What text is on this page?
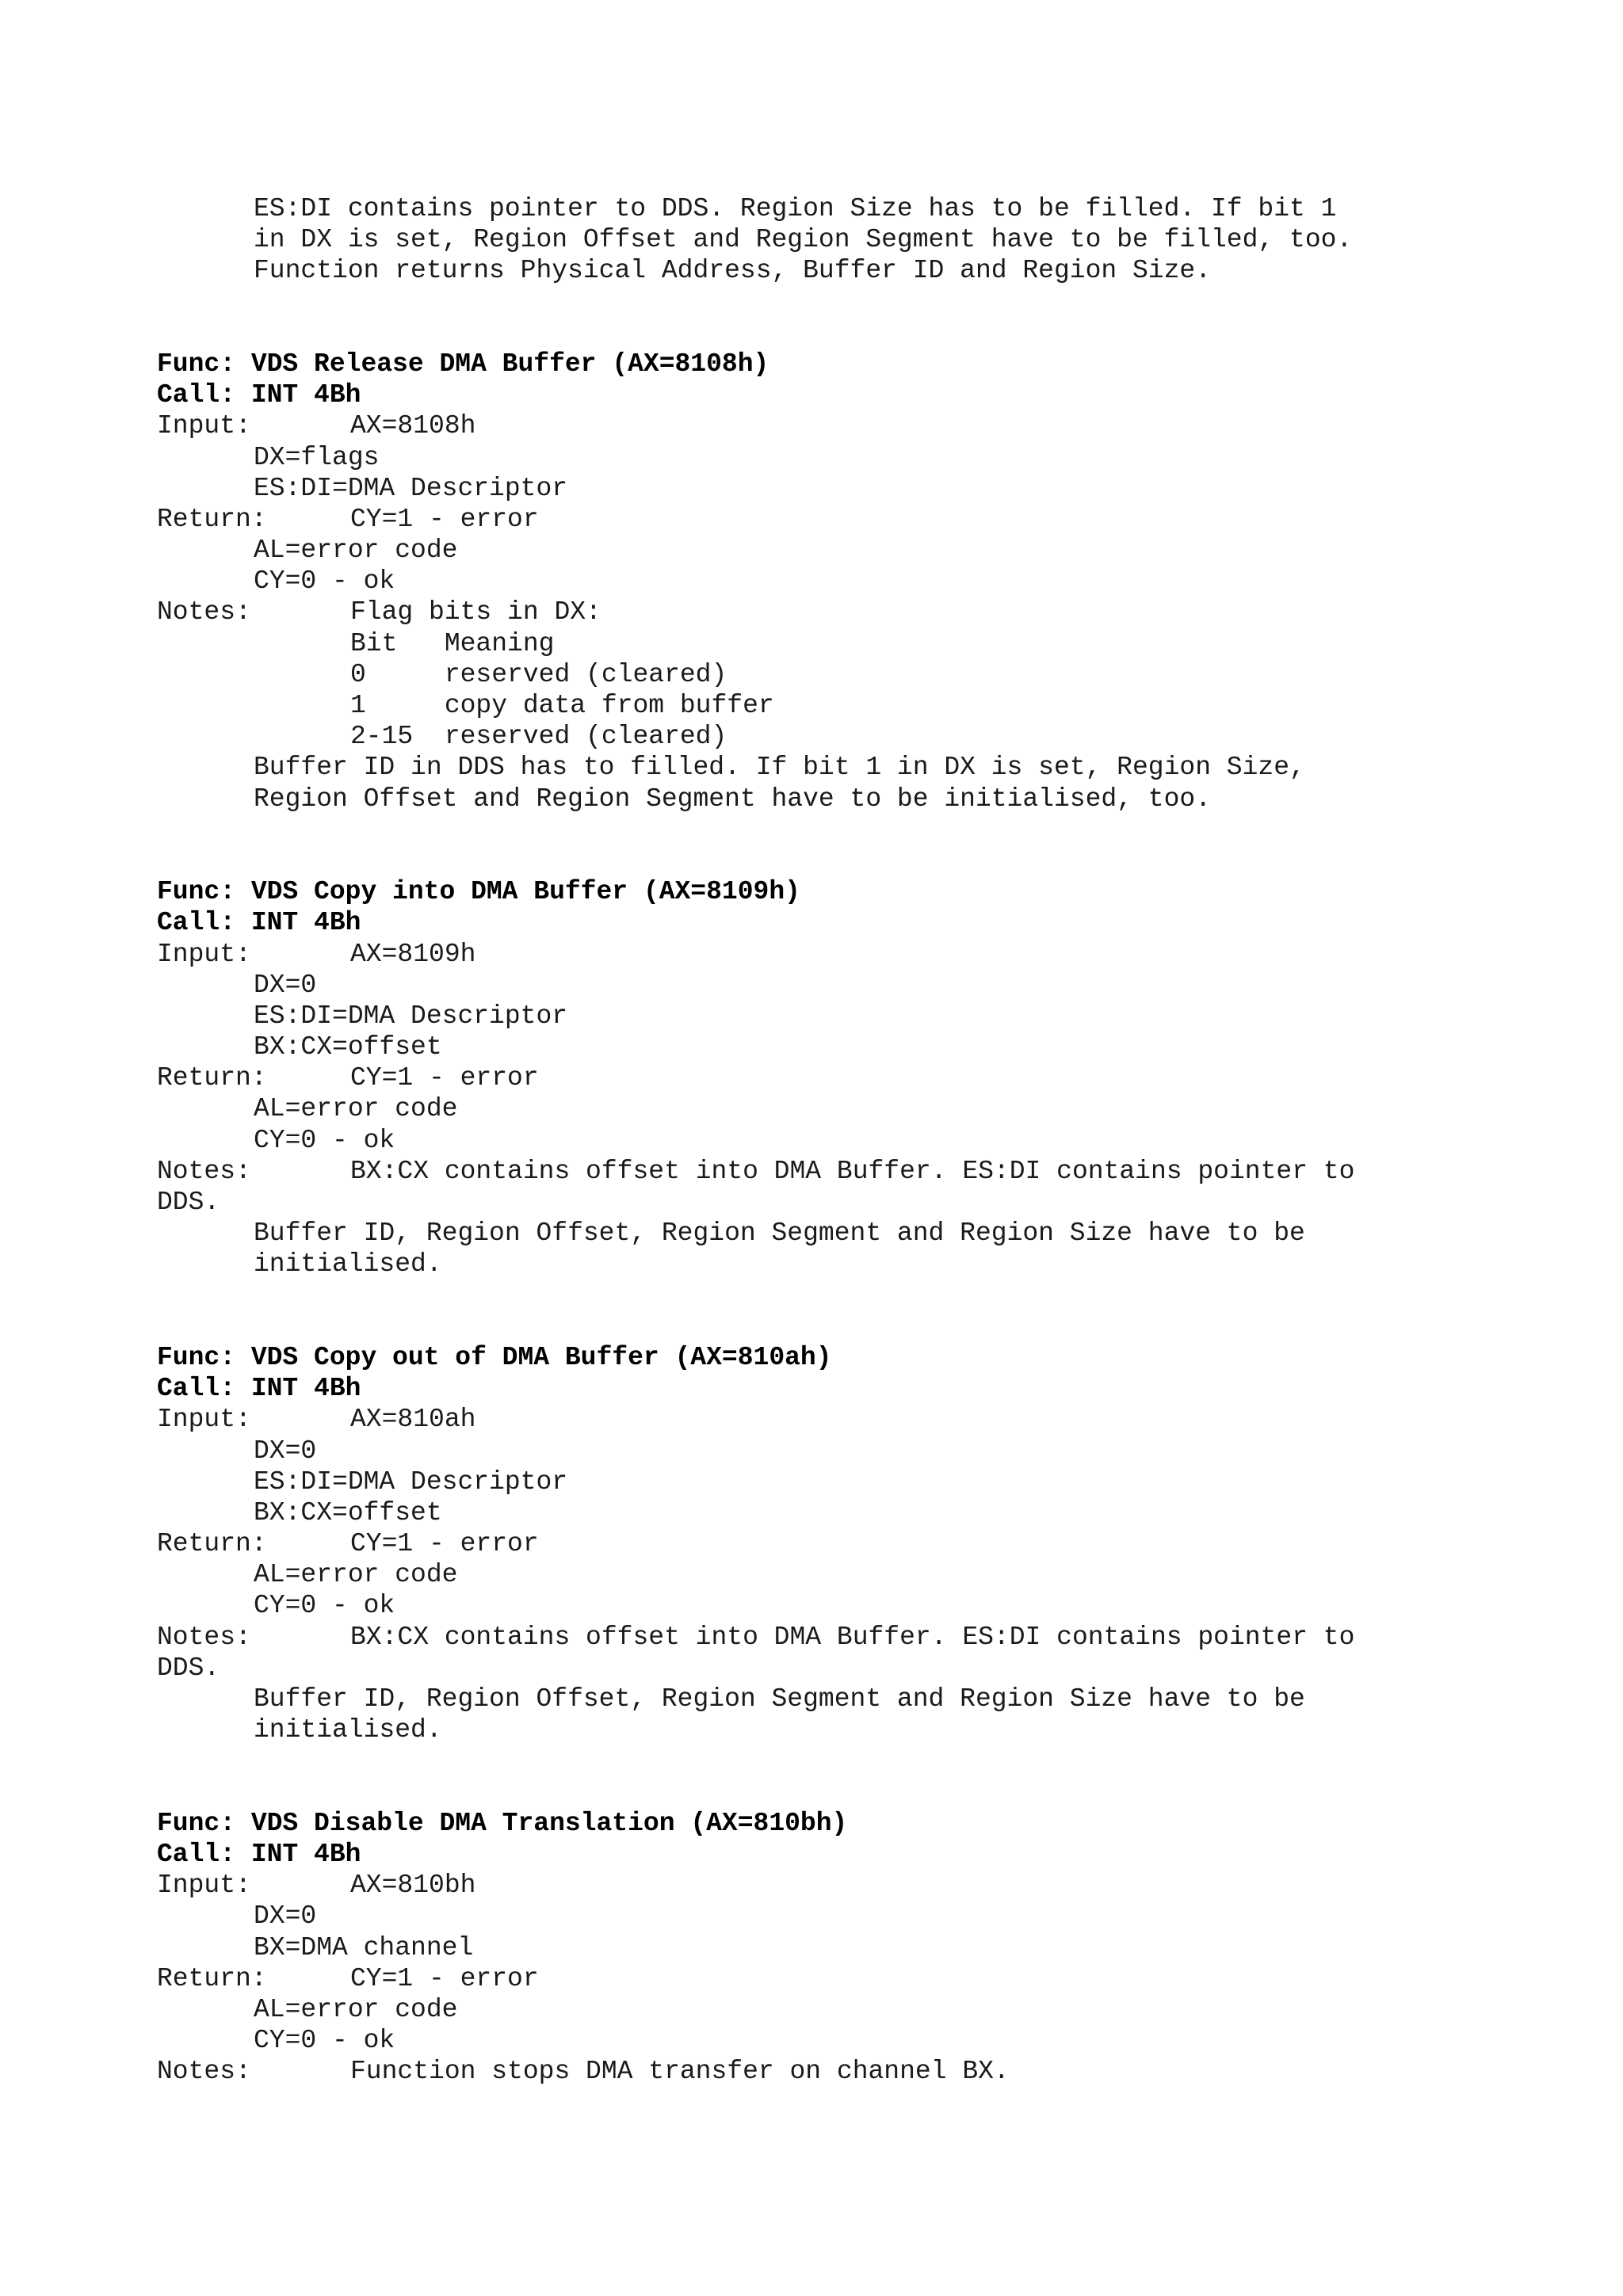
ES:DI contains pointer to DDS. Region Size has to be filled. If bit 1
in DX is set, Region Offset and Region Segment have to be filled, too.
Function returns Physical Address, Buffer ID and Region Size.
Func: VDS Release DMA Buffer (AX=8108h)
Call: INT 4Bh
Input:	AX=8108h
DX=flags
ES:DI=DMA Descriptor
Return:	CY=1 - error
AL=error code
CY=0 - ok
Notes:	Flag bits in DX:
Bit   Meaning
0     reserved (cleared)
1     copy data from buffer
2-15  reserved (cleared)
Buffer ID in DDS has to filled. If bit 1 in DX is set, Region Size,
Region Offset and Region Segment have to be initialised, too.
Func: VDS Copy into DMA Buffer (AX=8109h)
Call: INT 4Bh
Input:	AX=8109h
DX=0
ES:DI=DMA Descriptor
BX:CX=offset
Return:	CY=1 - error
AL=error code
CY=0 - ok
Notes:	BX:CX contains offset into DMA Buffer. ES:DI contains pointer to
DDS.
Buffer ID, Region Offset, Region Segment and Region Size have to be
initialised.
Func: VDS Copy out of DMA Buffer (AX=810ah)
Call: INT 4Bh
Input:	AX=810ah
DX=0
ES:DI=DMA Descriptor
BX:CX=offset
Return:	CY=1 - error
AL=error code
CY=0 - ok
Notes:	BX:CX contains offset into DMA Buffer. ES:DI contains pointer to
DDS.
Buffer ID, Region Offset, Region Segment and Region Size have to be
initialised.
Func: VDS Disable DMA Translation (AX=810bh)
Call: INT 4Bh
Input:	AX=810bh
DX=0
BX=DMA channel
Return:	CY=1 - error
AL=error code
CY=0 - ok
Notes:	Function stops DMA transfer on channel BX.
